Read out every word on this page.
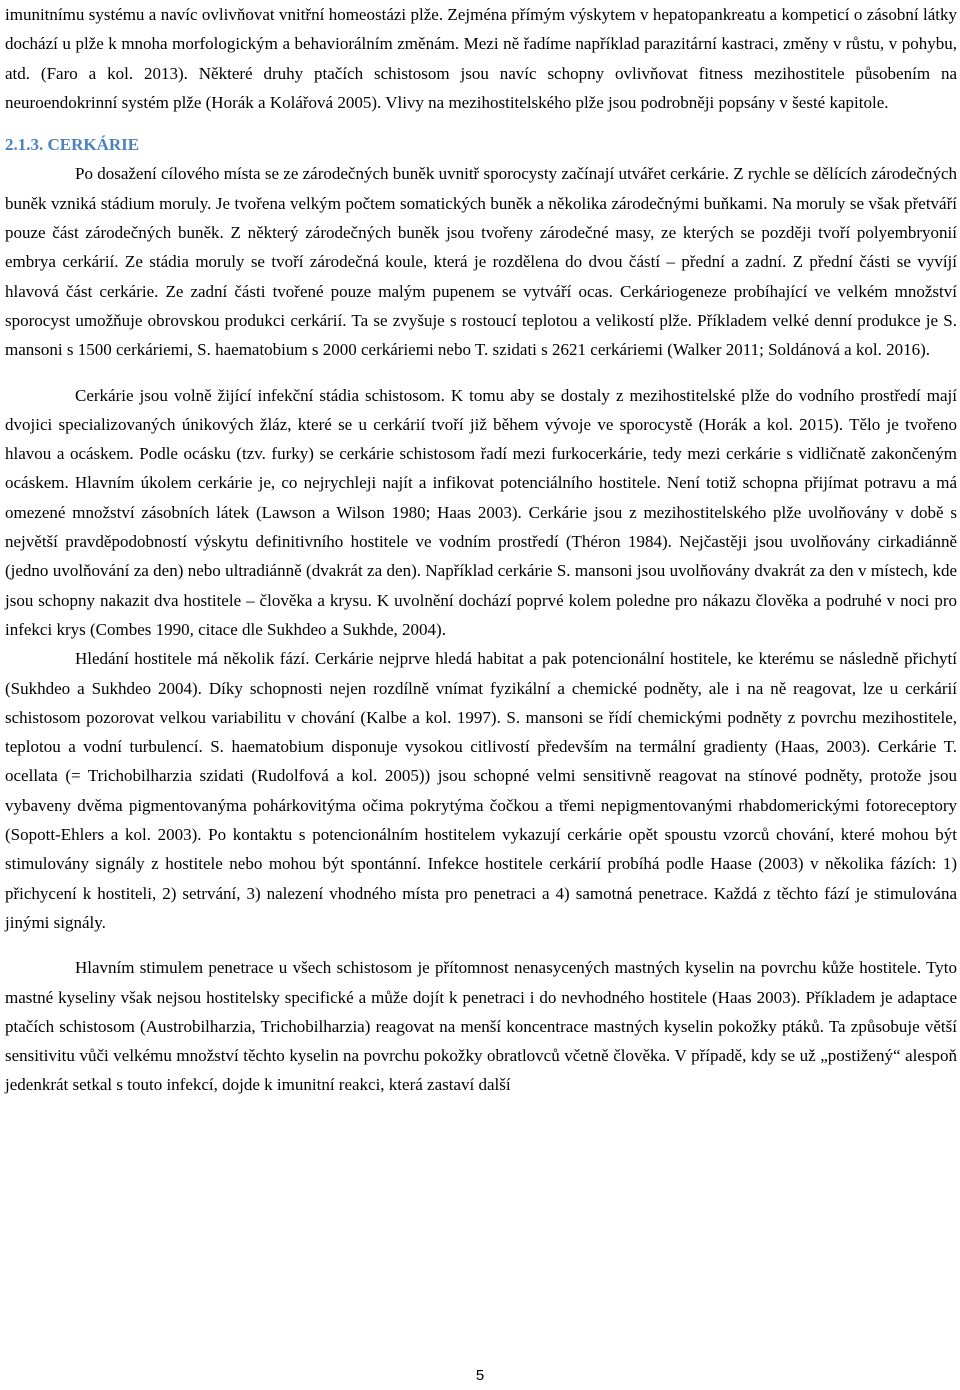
imunitnímu systému a navíc ovlivňovat vnitřní homeostázi plže. Zejména přímým výskytem v hepatopankreatu a kompeticí o zásobní látky dochází u plže k mnoha morfologickým a behaviorálním změnám. Mezi ně řadíme například parazitární kastraci, změny v růstu, v pohybu, atd. (Faro a kol. 2013). Některé druhy ptačích schistosom jsou navíc schopny ovlivňovat fitness mezihostitele působením na neuroendokrinní systém plže (Horák a Kolářová 2005). Vlivy na mezihostitelského plže jsou podrobněji popsány v šesté kapitole.

2.1.3. CERKÁRIE

Po dosažení cílového místa se ze zárodečných buněk uvnitř sporocysty začínají utvářet cerkárie. Z rychle se dělících zárodečných buněk vzniká stádium moruly. Je tvořena velkým počtem somatických buněk a několika zárodečnými buňkami. Na moruly se však přetváří pouze část zárodečných buněk. Z některý zárodečných buněk jsou tvořeny zárodečné masy, ze kterých se později tvoří polyembryonií embrya cerkárií. Ze stádia moruly se tvoří zárodečná koule, která je rozdělena do dvou částí – přední a zadní. Z přední části se vyvíjí hlavová část cerkárie. Ze zadní části tvořené pouze malým pupenem se vytváří ocas. Cerkáriogeneze probíhající ve velkém množství sporocyst umožňuje obrovskou produkci cerkárií. Ta se zvyšuje s rostoucí teplotou a velikostí plže. Příkladem velké denní produkce je S. mansoni s 1500 cerkáriemi, S. haematobium s 2000 cerkáriemi nebo T. szidati s 2621 cerkáriemi (Walker 2011; Soldánová a kol. 2016).

Cerkárie jsou volně žijící infekční stádia schistosom. K tomu aby se dostaly z mezihostitelské plže do vodního prostředí mají dvojici specializovaných únikových žláz, které se u cerkárií tvoří již během vývoje ve sporocystě (Horák a kol. 2015). Tělo je tvořeno hlavou a ocáskem. Podle ocásku (tzv. furky) se cerkárie schistosom řadí mezi furkocerkárie, tedy mezi cerkárie s vidličnatě zakončeným ocáskem. Hlavním úkolem cerkárie je, co nejrychleji najít a infikovat potenciálního hostitele. Není totiž schopna přijímat potravu a má omezené množství zásobních látek (Lawson a Wilson 1980; Haas 2003). Cerkárie jsou z mezihostitelského plže uvolňovány v době s největší pravděpodobností výskytu definitivního hostitele ve vodním prostředí (Théron 1984). Nejčastěji jsou uvolňovány cirkadiánně (jedno uvolňování za den) nebo ultradiánně (dvakrát za den). Například cerkárie S. mansoni jsou uvolňovány dvakrát za den v místech, kde jsou schopny nakazit dva hostitele – člověka a krysu. K uvolnění dochází poprvé kolem poledne pro nákazu člověka a podruhé v noci pro infekci krys (Combes 1990, citace dle Sukhdeo a Sukhde, 2004).

Hledání hostitele má několik fází. Cerkárie nejprve hledá habitat a pak potencionální hostitele, ke kterému se následně přichytí (Sukhdeo a Sukhdeo 2004). Díky schopnosti nejen rozdílně vnímat fyzikální a chemické podněty, ale i na ně reagovat, lze u cerkárií schistosom pozorovat velkou variabilitu v chování (Kalbe a kol. 1997). S. mansoni se řídí chemickými podněty z povrchu mezihostitele, teplotou a vodní turbulencí. S. haematobium disponuje vysokou citlivostí především na termální gradienty (Haas, 2003). Cerkárie T. ocellata (= Trichobilharzia szidati (Rudolfová a kol. 2005)) jsou schopné velmi sensitivně reagovat na stínové podněty, protože jsou vybaveny dvěma pigmentovanýma pohárkovitýma očima pokrytýma čočkou a třemi nepigmentovanými rhabdomerickými fotoreceptory (Sopott-Ehlers a kol. 2003). Po kontaktu s potencionálním hostitelem vykazují cerkárie opět spoustu vzorců chování, které mohou být stimulovány signály z hostitele nebo mohou být spontánní. Infekce hostitele cerkárií probíhá podle Haase (2003) v několika fázích: 1) přichycení k hostiteli, 2) setrvání, 3) nalezení vhodného místa pro penetraci a 4) samotná penetrace. Každá z těchto fází je stimulována jinými signály.

Hlavním stimulem penetrace u všech schistosom je přítomnost nenasycených mastných kyselin na povrchu kůže hostitele. Tyto mastné kyseliny však nejsou hostitelsky specifické a může dojít k penetraci i do nevhodného hostitele (Haas 2003). Příkladem je adaptace ptačích schistosom (Austrobilharzia, Trichobilharzia) reagovat na menší koncentrace mastných kyselin pokožky ptáků. Ta způsobuje větší sensitivitu vůči velkému množství těchto kyselin na povrchu pokožky obratlovců včetně člověka. V případě, kdy se už „postižený“ alespoň jedenkrát setkal s touto infekcí, dojde k imunitní reakci, která zastaví další

5
